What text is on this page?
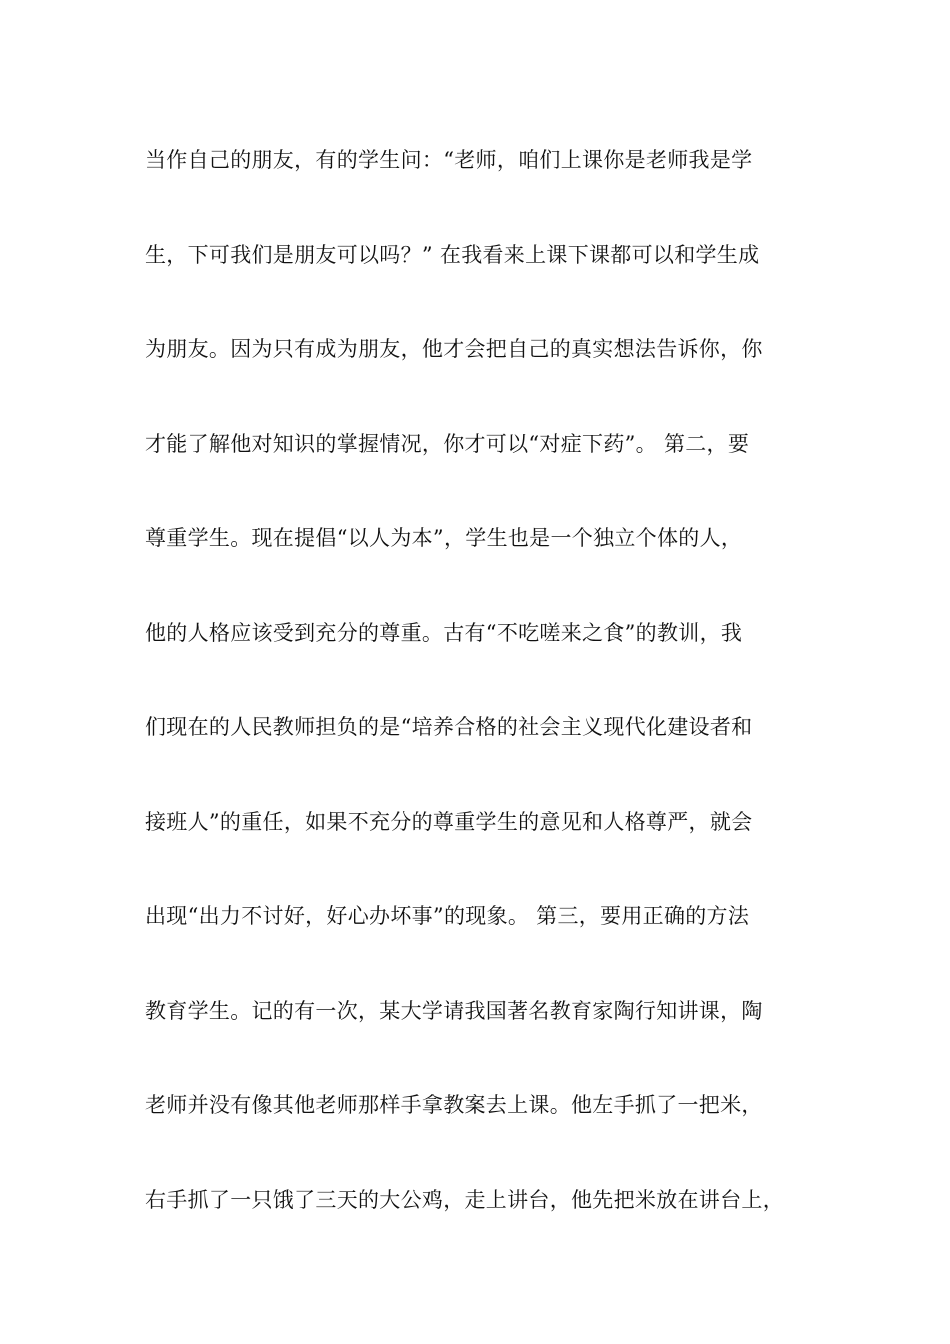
当作自己的朋友，有的学生问：“老师，咱们上课你是老师我是学

生，下可我们是朋友可以吗？” 在我看来上课下课都可以和学生成

为朋友。因为只有成为朋友，他才会把自己的真实想法告诉你，你

才能了解他对知识的掌握情况，你才可以“对症下药”。 第二，要

尊重学生。现在提倡“以人为本”，学生也是一个独立个体的人，

他的人格应该受到充分的尊重。古有“不吃嗟来之食”的教训，我

们现在的人民教师担负的是“培养合格的社会主义现代化建设者和

接班人”的重任，如果不充分的尊重学生的意见和人格尊严，就会

出现“出力不讨好，好心办坏事”的现象。 第三，要用正确的方法

教育学生。记的有一次，某大学请我国著名教育家陶行知讲课，陶

老师并没有像其他老师那样手拿教案去上课。他左手抓了一把米，

右手抓了一只饿了三天的大公鸡，走上讲台，他先把米放在讲台上，
